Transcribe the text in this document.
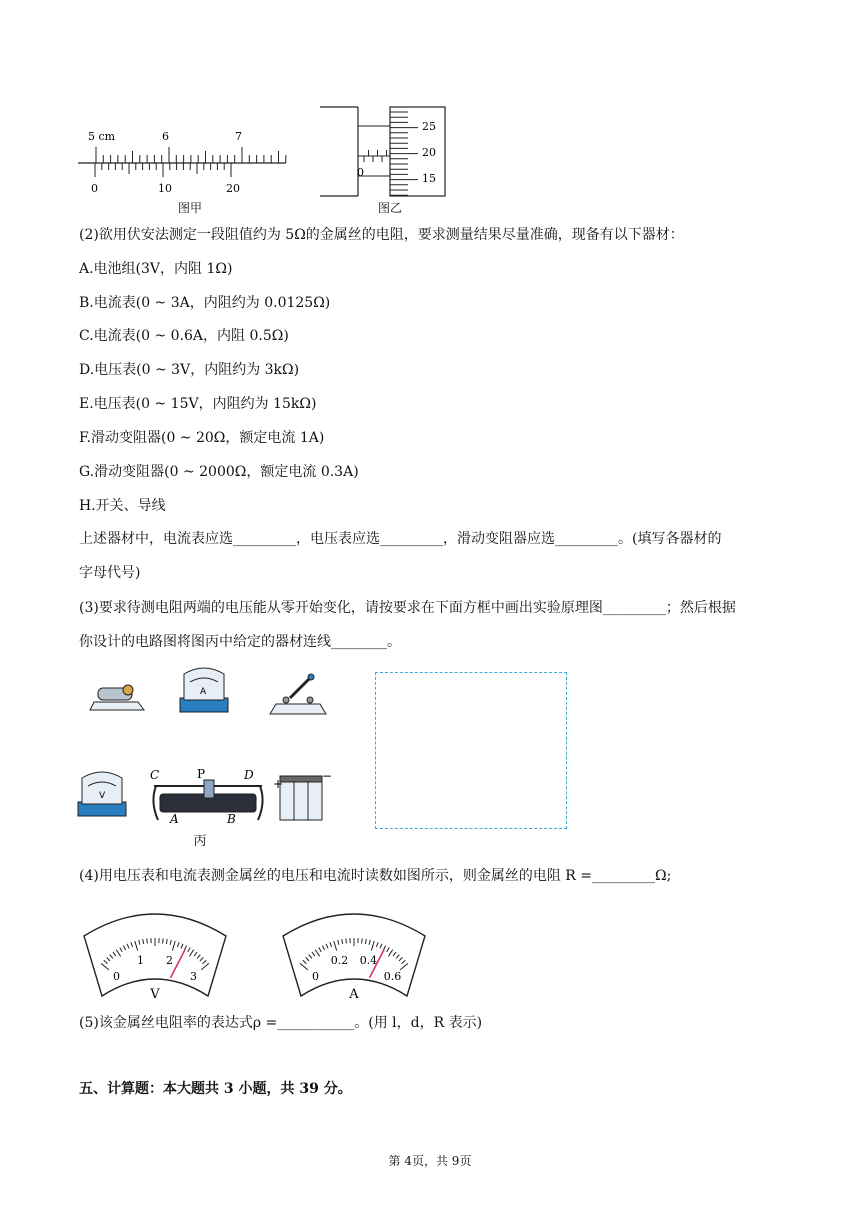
5 cm	6	7
0	10	20
图甲
0
25
20
15
图乙
(2)欲用伏安法测定一段阻值约为 5Ω的金属丝的电阻，要求测量结果尽量准确，现备有以下器材：
A.电池组(3V，内阻 1Ω)
B.电流表(0 ~ 3A，内阻约为 0.0125Ω)
C.电流表(0 ~ 0.6A，内阻 0.5Ω)
D.电压表(0 ~ 3V，内阻约为 3kΩ)
E.电压表(0 ~ 15V，内阻约为 15kΩ)
F.滑动变阻器(0 ~ 20Ω，额定电流 1A)
G.滑动变阻器(0 ~ 2000Ω，额定电流 0.3A)
H.开关、导线
上述器材中，电流表应选_________，电压表应选_________，滑动变阻器应选_________。(填写各器材的
字母代号)
(3)要求待测电阻两端的电压能从零开始变化，请按要求在下面方框中画出实验原理图_________；然后根据
你设计的电路图将图丙中给定的器材连线________。
A
V
C	P	D
A	B
+
−
丙
(4)用电压表和电流表测金属丝的电压和电流时读数如图所示，则金属丝的电阻 R =_________Ω;
0
1 2
3
V
0
0.2 0.4
0.6
A
(5)该金属丝电阻率的表达式ρ =___________。(用 l，d，R 表示)
五、计算题：本大题共 3 小题，共 39 分。
第 4页，共 9页
